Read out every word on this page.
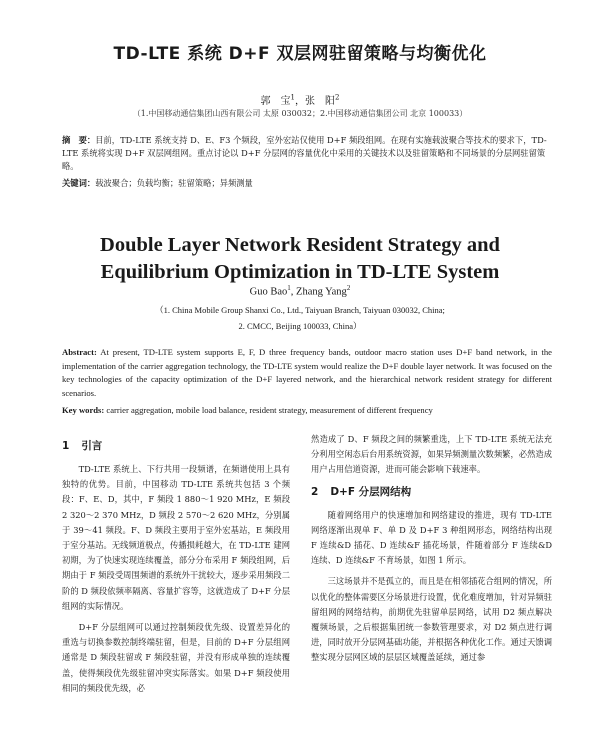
TD-LTE 系统 D+F 双层网驻留策略与均衡优化
郭　宝$^1$，张　阳$^2$
（1.中国移动通信集团山西有限公司 太原 030032；2.中国移动通信集团公司 北京 100033）
摘　要：目前，TD-LTE 系统支持 D、E、F3 个频段，室外宏站仅使用 D+F 频段组网。在现有实施载波聚合等技术的要求下，TD-LTE 系统将实现 D+F 双层网组网。重点讨论以 D+F 分层网的容量优化中采用的关键技术以及驻留策略和不同场景的分层网驻留策略。
关键词：载波聚合；负载均衡；驻留策略；异频测量
Double Layer Network Resident Strategy and
Equilibrium Optimization in TD-LTE System
Guo Bao$^1$, Zhang Yang$^2$
（1. China Mobile Group Shanxi Co., Ltd., Taiyuan Branch, Taiyuan 030032, China;
2. CMCC, Beijing 100033, China）
Abstract: At present, TD-LTE system supports E, F, D three frequency bands, outdoor macro station uses D+F band network, in the implementation of the carrier aggregation technology, the TD-LTE system would realize the D+F double layer network. It was focused on the key technologies of the capacity optimization of the D+F layered network, and the hierarchical network resident strategy for different scenarios.
Key words: carrier aggregation, mobile load balance, resident strategy, measurement of different frequency
1 引言

TD-LTE 系统上、下行共用一段频谱，在频谱使用上具有独特的优势。目前，中国移动 TD-LTE 系统共包括 3 个频段：F、E、D，其中，F 频段 1 880～1 920 MHz，E 频段 2 320～2 370 MHz，D 频段 2 570～2 620 MHz，分别属于 39～41 频段。F、D 频段主要用于室外宏基站，E 频段用于室分基站。无线频道极点，传播损耗越大，在 TD-LTE 建网初期，为了快速实现连续覆盖，部分分布采用 F 频段组网，后期由于 F 频段受周围频谱的系统外干扰较大，逐步采用频段二阶的 D 频段依频率隔离、容量扩容等，这就造成了 D+F 分层组网的实际情况。

D+F 分层组网可以通过控制频段优先级、设置差异化的重选与切换参数控制终端驻留，但是，目前的 D+F 分层组网通常是 D 频段驻留或 F 频段驻留，并没有形成单独的连续覆盖，使得频段优先级驻留冲突实际落实。如果 D+F 频段使用相同的频段优先级，必

然造成了 D、F 频段之间的频繁重选，上下 TD-LTE 系统无法充分利用空闲态后台用系统资源，如果异频测量次数频繁，必然造成用户占用信道资源，进而可能会影响下载速率。

2 D+F 分层网结构

随着网络用户的快速增加和网络建设的推进，现有 TD-LTE 网络逐渐出现单 F、单 D 及 D+F 3 种组网形态，网络结构出现 F 连续&D 插花、D 连续&F 插花场景，件随着部分 F 连续&D 连续、D 连续&F 不育场景，如图 1 所示。

三这场景并不是孤立的，而且是在相邻插花合组网的情况，所以优化的整体需要区分场景进行设置，优化难度增加，针对异频驻留组网的网络结构，前期优先驻留单层网络，试用 D2 频点解决覆频场景，之后根据集团统一参数管理要求，对 D2 频点进行调进，同时放开分层网基础功能，并根据各种优化工作。通过天馈调整实现分层网区域的层层区域覆盖延续，通过参
